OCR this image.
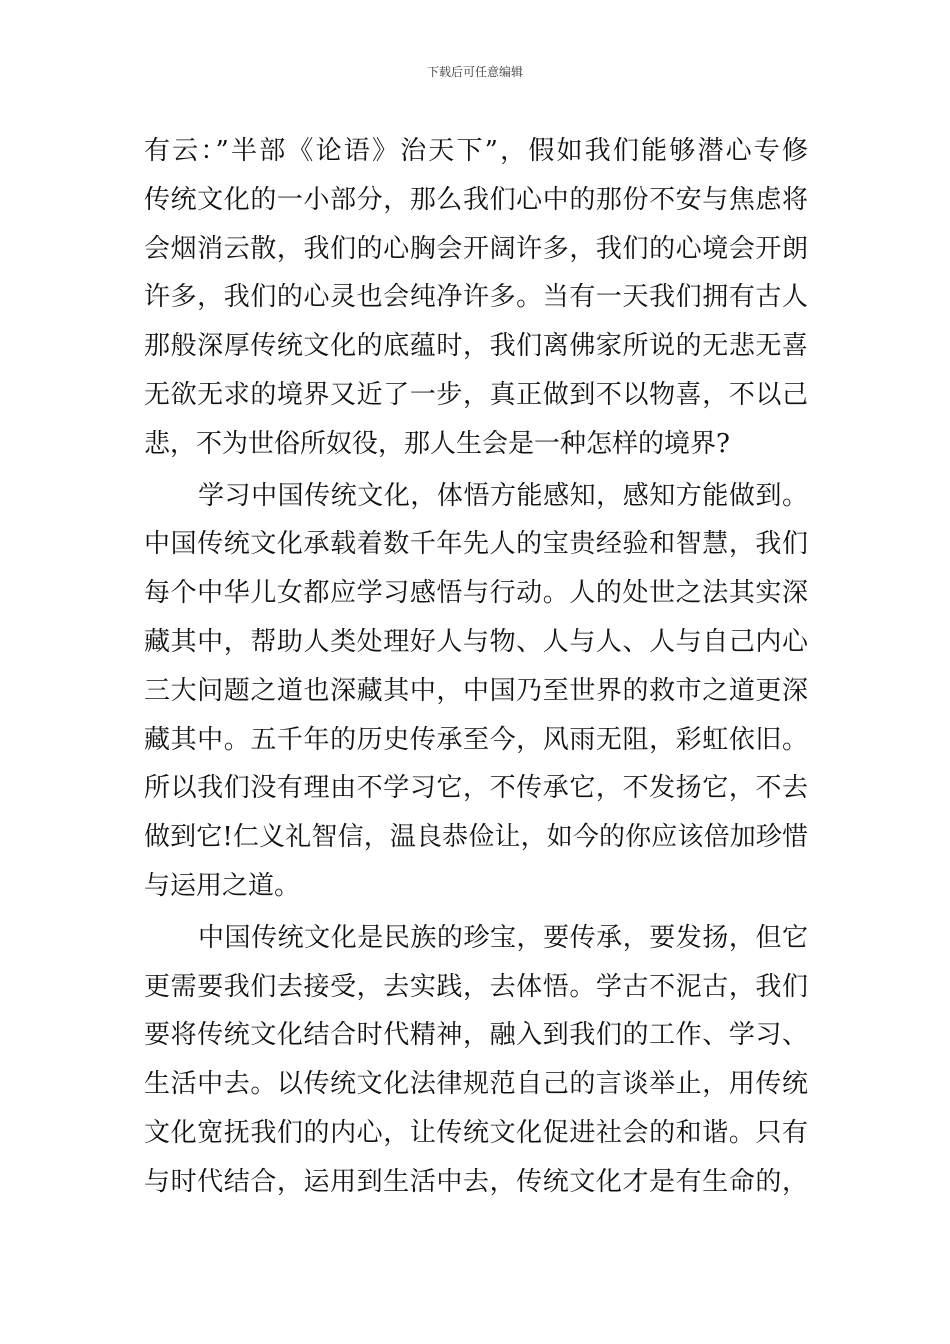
下载后可任意编辑
有云：”半部《论语》治天下”，假如我们能够潜心专修
传统文化的一小部分，那么我们心中的那份不安与焦虑将
会烟消云散，我们的心胸会开阔许多，我们的心境会开朗
许多，我们的心灵也会纯净许多。当有一天我们拥有古人
那般深厚传统文化的底蕴时，我们离佛家所说的无悲无喜
无欲无求的境界又近了一步，真正做到不以物喜，不以己
悲，不为世俗所奴役，那人生会是一种怎样的境界?
学习中国传统文化，体悟方能感知，感知方能做到。
中国传统文化承载着数千年先人的宝贵经验和智慧，我们
每个中华儿女都应学习感悟与行动。人的处世之法其实深
藏其中，帮助人类处理好人与物、人与人、人与自己内心
三大问题之道也深藏其中，中国乃至世界的救市之道更深
藏其中。五千年的历史传承至今，风雨无阻，彩虹依旧。
所以我们没有理由不学习它，不传承它，不发扬它，不去
做到它!仁义礼智信，温良恭俭让，如今的你应该倍加珍惜
与运用之道。
中国传统文化是民族的珍宝，要传承，要发扬，但它
更需要我们去接受，去实践，去体悟。学古不泥古，我们
要将传统文化结合时代精神，融入到我们的工作、学习、
生活中去。以传统文化法律规范自己的言谈举止，用传统
文化宽抚我们的内心，让传统文化促进社会的和谐。只有
与时代结合，运用到生活中去，传统文化才是有生命的，
